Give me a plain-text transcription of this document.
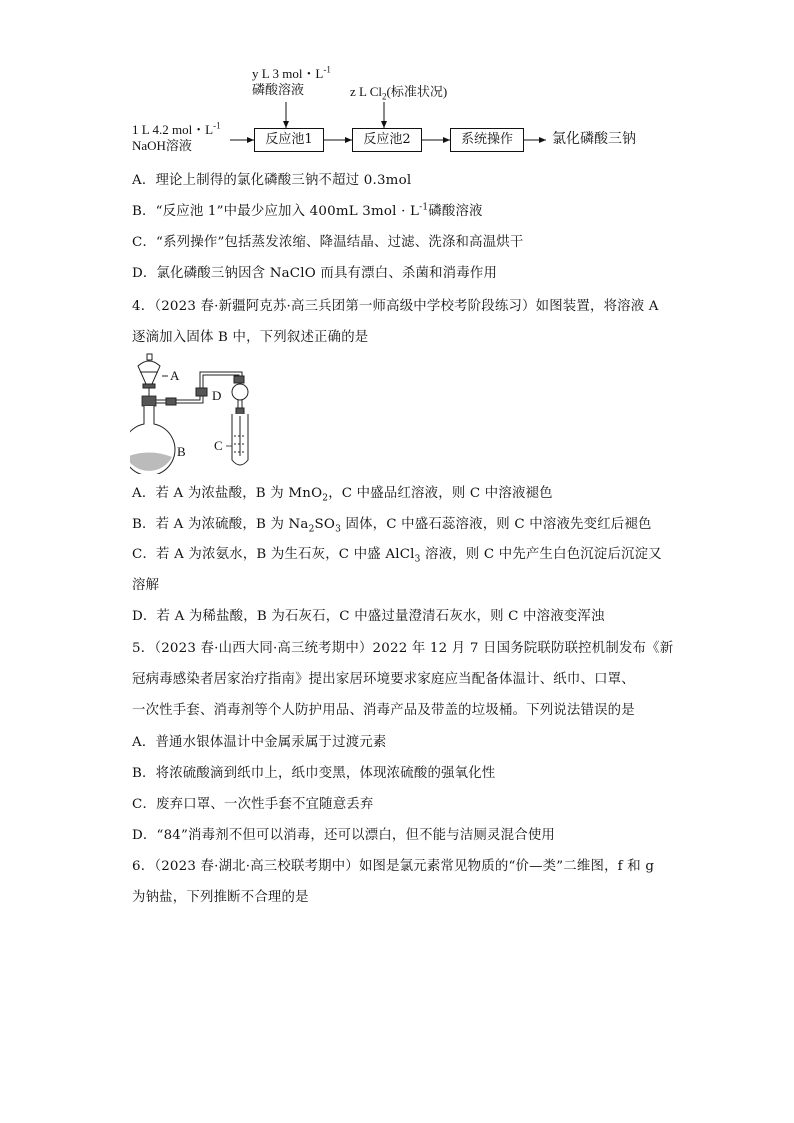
y L 3 mol・$L^{-1}$
磷酸溶液	z L $Cl_2$(标准状况)
1 L 4.2 mol・$L^{-1}$
NaOH溶液	反应池1	反应池2	系统操作	氯化磷酸三钠
A．理论上制得的氯化磷酸三钠不超过 0.3mol
B．“反应池 1”中最少应加入 400mL $3mol \cdot L^{-1}$磷酸溶液
C．“系列操作”包括蒸发浓缩、降温结晶、过滤、洗涤和高温烘干
D．氯化磷酸三钠因含 NaClO 而具有漂白、杀菌和消毒作用
4．（2023 春·新疆阿克苏·高三兵团第一师高级中学校考阶段练习）如图装置，将溶液 A
逐滴加入固体 B 中，下列叙述正确的是
A
B
D
C
A．若 A 为浓盐酸，B 为 MnO$_2$，C 中盛品红溶液，则 C 中溶液褪色
B．若 A 为浓硫酸，B 为 $Na_2SO_3$ 固体，C 中盛石蕊溶液，则 C 中溶液先变红后褪色
C．若 A 为浓氨水，B 为生石灰，C 中盛 AlCl$_3$ 溶液，则 C 中先产生白色沉淀后沉淀又
溶解
D．若 A 为稀盐酸，B 为石灰石，C 中盛过量澄清石灰水，则 C 中溶液变浑浊
5．（2023 春·山西大同·高三统考期中）2022 年 12 月 7 日国务院联防联控机制发布《新
冠病毒感染者居家治疗指南》提出家居环境要求家庭应当配备体温计、纸巾、口罩、
一次性手套、消毒剂等个人防护用品、消毒产品及带盖的垃圾桶。下列说法错误的是
A．普通水银体温计中金属汞属于过渡元素
B．将浓硫酸滴到纸巾上，纸巾变黑，体现浓硫酸的强氧化性
C．废弃口罩、一次性手套不宜随意丢弃
D．“84”消毒剂不但可以消毒，还可以漂白，但不能与洁厕灵混合使用
6．（2023 春·湖北·高三校联考期中）如图是氯元素常见物质的“价—类”二维图，f 和 g
为钠盐，下列推断不合理的是
